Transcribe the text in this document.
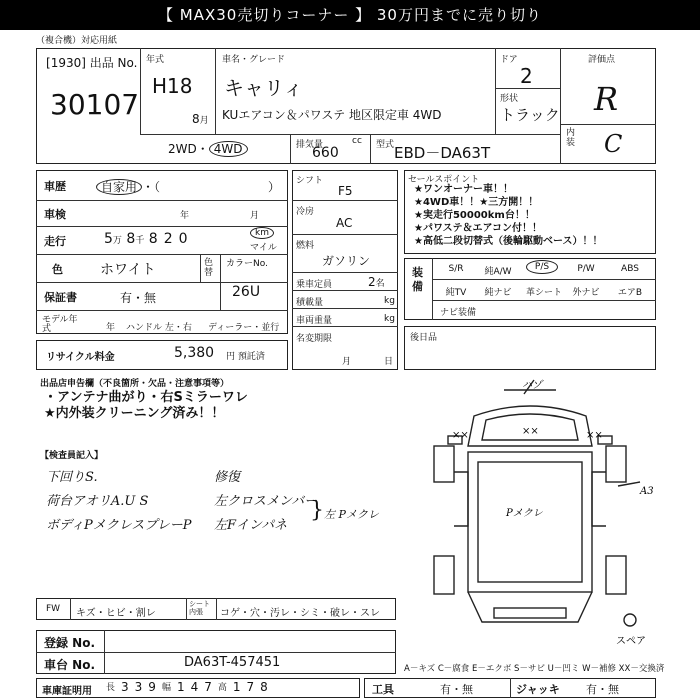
【 MAX30売切りコーナー 】 30万円までに売り切り
（複合機）対応用紙
[1930] 出品 No.
30107
年式
H18
8月
車名・グレード
キャリィ
KUエアコン＆パワステ 地区限定車 4WD
ドア
2
形状
トラック
評価点
R
内装 C
2WD・ 4WD	排気量	cc
660	型式 EBD－DA63T
車歴	自家用 ・（　　　　　　　　　）
車検	年	月
走行	5万 8千 820	km
マイル
色	ホワイト	色替
カラーNo.
26U
保証書	有・無
モデル年式	年 ハンドル 左・右 ディーラー・並行
リサイクル料金	5,380 円 預託済
シフト
F5
冷房
AC
燃料
ガソリン
乗車定員	2名
積載量	kg
車両重量	kg
名変期限
月	日
セールスポイント
★ワンオーナー車！！
★4WD車！！★三方開！！
★実走行50000km台！！
★パワステ＆エアコン付！！
★高低二段切替式（後輪駆動ベース）！！
装備
S/R	純A/W	P/S	P/W	ABS
純TV	純ナビ	革シート	外ナビ	エアB
ナビ装備
後日品
出品店申告欄（不良箇所・欠品・注意事項等）
・アンテナ曲がり・右Sミラーワレ
★内外装クリーニング済み！！
【検査員記入】
下回りS.
荷台アオリA.U S
ボディPメクレスプレーP
修復
左クロスメンバー
左Fインパネ
左 Pメクレ
}
ハゾ
××	××	××
Pメクレ
A3
スペア
FW キズ・ヒビ・割レ
シート内張	コゲ・穴・汚レ・シミ・破レ・スレ
登録 No.
車台 No.	DA63T-457451	A－キズ C－腐食 E－エクボ S－サビ U－凹ミ W－補修 XX－交換済
車庫証明用 長 3 3 9 幅 1 4 7 高 1 7 8	工具	有・無	ジャッキ 有・無
